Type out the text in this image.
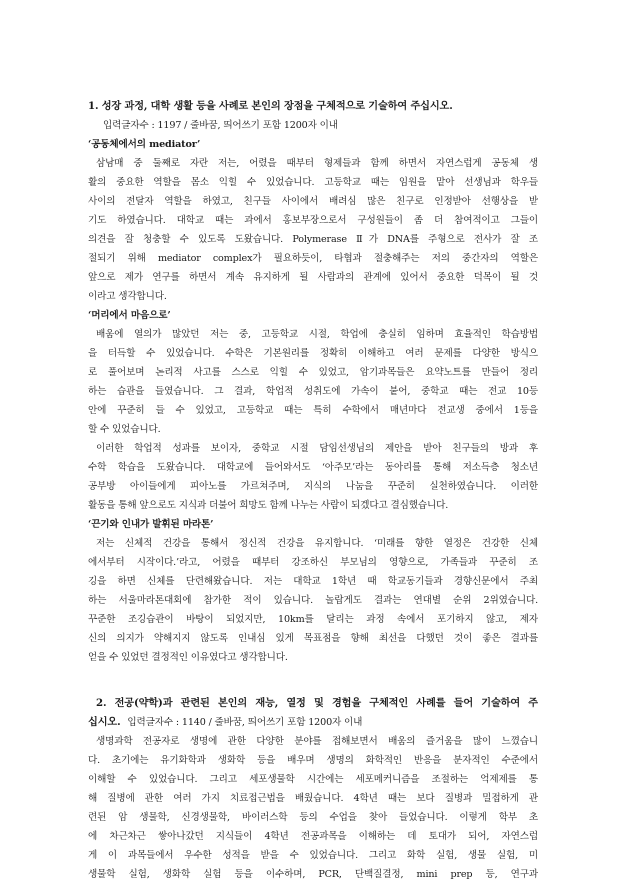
1. 성장 과정, 대학 생활 등을 사례로 본인의 장점을 구체적으로 기술하여 주십시오.
입력글자수 : 1197 / 줄바꿈, 띄어쓰기 포함 1200자 이내
‘공동체에서의 mediator’
삼남매 중 둘째로 자란 저는, 어렸을 때부터 형제들과 함께 하면서 자연스럽게 공동체 생
활의 중요한 역할을 몸소 익힐 수 있었습니다. 고등학교 때는 임원을 맡아 선생님과 학우들
사이의 전달자 역할을 하였고, 친구들 사이에서 배려심 많은 친구로 인정받아 선행상을 받
기도 하였습니다. 대학교 때는 과에서 홍보부장으로서 구성원들이 좀 더 참여적이고 그들이
의견을 잘 청충할 수 있도록 도왔습니다. Polymerase Ⅱ가 DNA를 주형으로 전사가 잘 조
절되기 위해 mediator complex가 필요하듯이, 타협과 절충해주는 저의 중간자의 역할은
앞으로 제가 연구를 하면서 계속 유지하게 될 사람과의 관계에 있어서 중요한 덕목이 될 것
이라고 생각합니다.
‘머리에서 마음으로’
배움에 열의가 많았던 저는 중, 고등학교 시절, 학업에 충실히 임하며 효율적인 학습방법
을 터득할 수 있었습니다. 수학은 기본원리를 정확히 이해하고 여러 문제를 다양한 방식으
로 풀어보며 논리적 사고를 스스로 익힐 수 있었고, 암기과목들은 요약노트를 만들어 정리
하는 습관을 들였습니다. 그 결과, 학업적 성취도에 가속이 붙어, 중학교 때는 전교 10등
안에 꾸준히 들 수 있었고, 고등학교 때는 특히 수학에서 매년마다 전교생 중에서 1등을
할 수 있었습니다.
이러한 학업적 성과를 보이자, 중학교 시절 담임선생님의 제안을 받아 친구들의 방과 후
수학 학습을 도왔습니다. 대학교에 들어와서도 ‘아주모’라는 동아리를 통해 저소득층 청소년
공부방 아이들에게 피아노를 가르쳐주며, 지식의 나눔을 꾸준히 실천하였습니다. 이러한
활동을 통해 앞으로도 지식과 더불어 희망도 함께 나누는 사람이 되겠다고 결심했습니다.
‘끈기와 인내가 발휘된 마라톤’
저는 신체적 건강을 통해서 정신적 건강을 유지합니다. ‘미래를 향한 열정은 건강한 신체
에서부터 시작이다.’라고, 어렸을 때부터 강조하신 부모님의 영향으로, 가족들과 꾸준히 조
깅을 하면 신체를 단련해왔습니다. 저는 대학교 1학년 때 학교동기들과 경향신문에서 주최
하는 서울마라톤대회에 참가한 적이 있습니다. 놀랍게도 결과는 연대별 순위 2위였습니다.
꾸준한 조깅습관이 바탕이 되었지만, 10km를 달리는 과정 속에서 포기하지 않고, 제자
신의 의지가 약해지지 않도록 인내심 있게 목표점을 향해 최선을 다했던 것이 좋은 결과를
얻을 수 있었던 결정적인 이유였다고 생각합니다.
2. 전공(약학)과 관련된 본인의 재능, 열정 및 경험을 구체적인 사례를 들어 기술하여 주
십시오. 입력글자수 : 1140 / 줄바꿈, 띄어쓰기 포함 1200자 이내
생명과학 전공자로 생명에 관한 다양한 분야를 접해보면서 배움의 즐거움을 많이 느꼈습니
다. 초기에는 유기화학과 생화학 등을 배우며 생명의 화학적인 반응을 분자적인 수준에서
이해할 수 있었습니다. 그리고 세포생물학 시간에는 세포메커니즘을 조절하는 억제제를 통
해 질병에 관한 여러 가지 치료접근법을 배웠습니다. 4학년 때는 보다 질병과 밀접하게 관
련된 암 생물학, 신경생물학, 바이러스학 등의 수업을 찾아 들었습니다. 이렇게 학부 초
에 차근차근 쌓아나갔던 지식들이 4학년 전공과목을 이해하는 데 토대가 되어, 자연스럽
게 이 과목들에서 우수한 성적을 받을 수 있었습니다. 그리고 화학 실험, 생물 실험, 미
생물학 실험, 생화학 실험 등을 이수하며, PCR, 단백질결정, mini prep 등, 연구과
